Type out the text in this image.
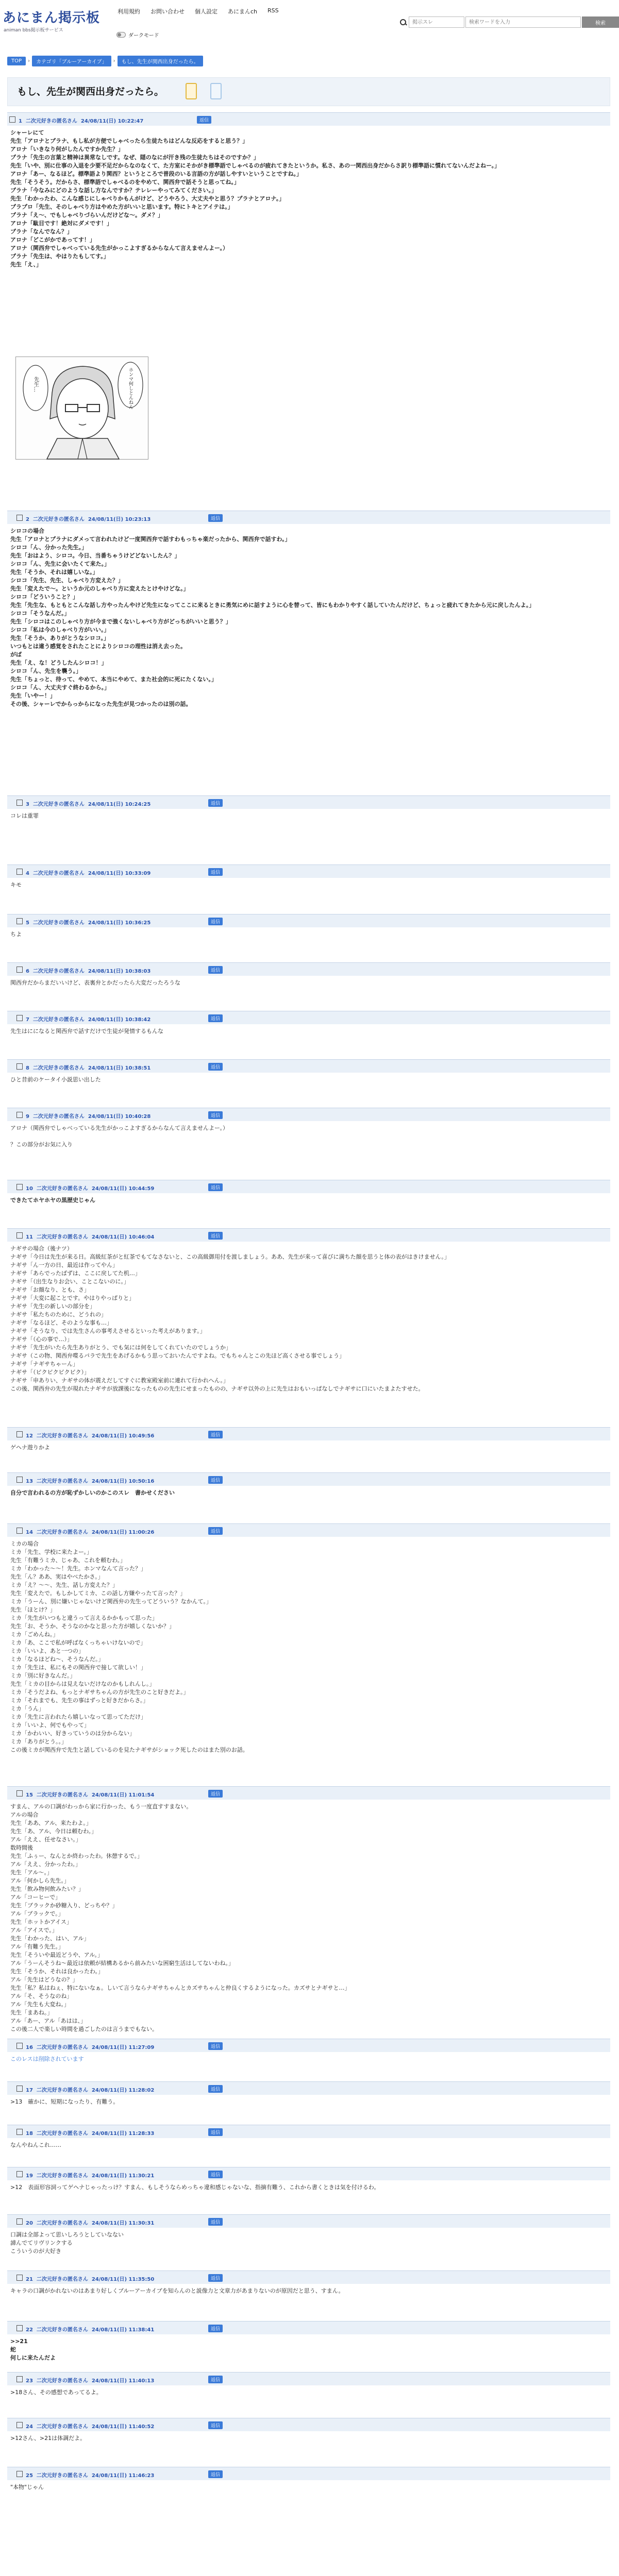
あにまん掲示板
animan bbs掲示板サービス
利用規約 お問い合わせ 個人設定 あにまんch RSS
ダークモード
掲示スレ
検索ワードを入力
検索
TOP	›	カテゴリ「ブルーアーカイブ」	›	もし、先生が関西出身だったら。
もし、先生が関西出身だったら。
1 二次元好きの匿名さん 24/08/11(日) 10:22:47	返信
シャーレにて
先生「アロナとプラナ、もし私が方便でしゃべったら生徒たちはどんな反応をすると思う？」
アロナ「いきなり何がしたんですか先生？」
プラナ「先生の言葉と精神は異常なしです。なぜ、隠のなにが汗き残の生徒たちはそのですか？」
先生「いや、別に仕事の入退を少要不足だからなのなくて、た方室にそかがき標準語でしゃべるのが疲れてきたというか。私さ、あの一関西出身だからさ訳り標準語に慣れてないんだよねー。」
アロナ「あー、なるほど。標準語より関西？というところで普段のいる言語の方が話しやすいということですね。」
先生「そうそう。だからさ、標準語でしゃべるのをやめて、関西弁で話そうと思ってね。」
プラナ「今なみにどのような話し方なんですか？テレレーやってみてください。」
先生「わかったわ、こんな感じにしゃべりかもんがけど、どうやろう、大丈夫やと思う？プラナとアロナ。」
プラプロ「先生、そのしゃべり方はやめた方がいいと思います。特にトキとアイテは。」
プラナ「え～、でもしゃべりづらいんだけどな～。ダメ？」
アロナ「駄目です！絶対にダメです！」
プラナ「なんでなん？」
アロナ「どこがかであってす！」
アロナ（関西弁でしゃべっている先生がかっこよすぎるからなんて言えませんよー。）
プラナ「先生は、やはりたもしてす。」
先生「え、」
先生…	ホンマ何しとんねん
2 二次元好きの匿名さん 24/08/11(日) 10:23:13	返信
シロコの場合
先生「アロナとプラナにダメって言われたけど一度関西弁で話すわもっちゃ楽だったから、関西弁で話すわ。」
シロコ「ん、分かった先生。」
先生「おはよう、シロコ。今日、当番ちゃうけどどないしたん？」
シロコ「ん、先生に会いたくて来た。」
先生「そうか、それは嬉しいな。」
シロコ「先生、先生、しゃべり方変えた？」
先生「変えたで～。というか元のしゃべり方に変えたとけやけどな。」
シロコ「どういうこと？」
先生「先生な、もともとこんな話し方やったんやけど先生になってここに来るときに勇気にめに話すように心を替って、皆にもわかりやすく話していたんだけど、ちょっと疲れてきたから元に戻したんよ。」
シロコ「そうなんだ。」
先生「シロコはこのしゃべり方が今まで強くないしゃべり方がどっちがいいと思う？」
シロコ「私は今のしゃべり方がいい。」
先生「そうか、ありがとうなシロコ。」
いつもとは違う感覚をされたことによりシロコの理性は消え去った。
がば
先生「え、な！どうしたんシロコ！」
シロコ「ん、先生を襲う。」
先生「ちょっと、待って、やめて、本当にやめて、また社会的に死にたくない。」
シロコ「ん、大丈夫すぐ終わるから。」
先生「いやー！」
その後、シャーレでからっからになった先生が見つかったのは別の話。
3 二次元好きの匿名さん 24/08/11(日) 10:24:25	返信
コレは重罪
4 二次元好きの匿名さん 24/08/11(日) 10:33:09	返信
キモ
5 二次元好きの匿名さん 24/08/11(日) 10:36:25	返信
ちよ
6 二次元好きの匿名さん 24/08/11(日) 10:38:03	返信
関西弁だからまだいいけど、表裏弁とかだったら大変だったろうな
7 二次元好きの匿名さん 24/08/11(日) 10:38:42	返信
先生はにになると関西弁で話すだけで生徒が発情するもんな
8 二次元好きの匿名さん 24/08/11(日) 10:38:51	返信
ひと昔前のケータイ小説思い出した
9 二次元好きの匿名さん 24/08/11(日) 10:40:28	返信
アロナ（関西弁でしゃべっている先生がかっこよすぎるからなんて言えませんよー。）

？この部分がお気に入り
10 二次元好きの匿名さん 24/08/11(日) 10:44:59	返信
できたてホヤホヤの黒歴史じゃん
11 二次元好きの匿名さん 24/08/11(日) 10:46:04	返信
ナギサの場合（後ナツ）
ナギサ「今日は先生が来る日。高級紅茶がと紅茶でもてなさないと、この高級御用付を渡しましょう。ああ、先生が来って喜びに満ちた顔を思うと体の表がはきけません。」
ナギサ「ん一方の日、最近は作ってやん」
ナギサ「あらでったばずは、ここに戻してた机…」
ナギサ「（出生なりお会い、ことこないのに。」
ナギサ「お顔なり、とも、さ」
ナギサ「大変に起ことです。やはりやっぱりと」
ナギサ「先生の新しいの部分を」
ナギサ「私たちのために、どうれの」
ナギサ「なるほど、そのような事も…」
ナギサ「そうなり、では先生さんの事考えさせるといった考えがあります。」
ナギサ「（心の事で…）」
ナギサ「先生がいたら先生ありがとう、でも気には何をしてくれていたのでしょうか」
ナギサ（この物、関西弁喋るパラで先生をあげるかもう思っておいたんですよね。でもちゃんとこの先ほど高くさせる事でしょう」
ナギサ「ナギサちゃーん」
ナギサ「（ビクビクビクビク）」
ナギサ「申ありい、ナギサの体が震えだしてすぐに教室殿室前に連れて行かれへん。」
この後、関西弁の先生が現れたナギサが放課後になったものの先生にせまったものの、ナギサ以外の上に先生はおもいっぱなしでナギサに口にいたまよたすせた。
12 二次元好きの匿名さん 24/08/11(日) 10:49:56	返信
ゲヘナ遊りかよ
13 二次元好きの匿名さん 24/08/11(日) 10:50:16	返信
自分で言われるの方が恥ずかしいのかこのスレ　書かせください
14 二次元好きの匿名さん 24/08/11(日) 11:00:26	返信
ミカの場合
ミカ「先生、学校に来たよー。」
先生「有難うミカ、じゃあ、これを頼むわ。」
ミカ「わかった～～！先生。ホンマなんて言った？」
先生「ん？ああ、実はやべたかさ。」
ミカ「え？～～、先生、話し方変えた？」
先生「変えたで。もしかしてミカ、この話し方嫌やったて言った？」
ミカ「うーん、別に嫌いじゃないけど関西弁の先生ってどういう？なかんて。」
先生「ほとけ？」
ミカ「先生がいつもと違うって言えるかかもって思った」
先生「お、そうか、そうなのかなと思った方が嬉しくないか？」
ミカ「ごめんね。」
ミカ「あ、ここで私が呼ばなくっちゃいけないので」
ミカ「いいよ、あと一つの」
ミカ「なるほどね～、そうなんだ。」
ミカ「先生は、私にもその関西弁で接して欲しい！」
ミカ「別に好きなんだ。」
先生「ミカの目からは見えないだけなのかもしれんし。」
ミカ「そうだよね、もっとナギサちゃんの方が先生のこと好きだよ。」
ミカ「それまでも、先生の事はずっと好きだからさ。」
ミカ「うん」
ミカ「先生に言われたら嬉しいなって思ってただけ」
ミカ「いいよ、何でもやって」
ミカ「かわいい、好きっていうのは分からない」
ミカ「ありがとう。。」
この後ミカが関西弁で先生と話しているのを見たナギサがショック死したのはまた別のお話。
15 二次元好きの匿名さん 24/08/11(日) 11:01:54	返信
すまん、アルの口調がわっから家に行かった、もう一度直すすまない。
アルの場合
先生「ああ、アル、来たわよ。」
先生「あ、アル、今日は頼むわ。」
アル「ええ、任せなさい。」
数時間後
先生「ふぅー、なんとか終わったわ。休憩するで。」
アル「ええ、分かったわ。」
先生「アル～。」
アル「何かしら先生。」
先生「飲み物何飲みたい？」
アル「コーヒーで」
先生「ブラックか砂糖入り、どっちや？」
アル「ブラックで。」
先生「ホットかアイス」
アル「アイスで。」
先生「わかった、はい、アル」
アル「有難う先生。」
先生「そういや最近どうや、アル。」
アル「うーんそうね～最近は依頼が結構あるから前みたいな困窮生活はしてないわね。」
先生「そうか、それは良かったわ。」
アル「先生はどうなの？」
先生「私？私はねぇ、特にないなぁ。しいて言うならナギサちゃんとカズサちゃんと仲良くするようになった。カズサとナギサと…」
アル「そ、そうなのね」
アル「先生も大変ね。」
先生「まあね。」
アル「あー、アル「あはは、」
この後二人で楽しい時間を過ごしたのは言うまでもない。
16 二次元好きの匿名さん 24/08/11(日) 11:27:09	返信
このレスは削除されています
17 二次元好きの匿名さん 24/08/11(日) 11:28:02	返信
>13　確かに、短期になったり、有難う。
18 二次元好きの匿名さん 24/08/11(日) 11:28:33	返信
なんやねんこれ……
19 二次元好きの匿名さん 24/08/11(日) 11:30:21	返信
>12　表面形容詞ってゲヘナじゃったっけ？すまん、もしそうならめっちゃ違和感じゃないな、指摘有難う、これから書くときは気を付けるわ。
20 二次元好きの匿名さん 24/08/11(日) 11:30:31	返信
口調は全部よって思いしろうとしていなない
諦んでてリヴリンクする
こういうのが大好き
21 二次元好きの匿名さん 24/08/11(日) 11:35:50	返信
キャラの口調がかれないのはあまり好しくブルーアーカイブを知らんのと説像力と文章力があまりないのが原因だと思う、すまん。
22 二次元好きの匿名さん 24/08/11(日) 11:38:41	返信
>>21
蛇
何しに来たんだよ
23 二次元好きの匿名さん 24/08/11(日) 11:40:13	返信
>18さん、その感想であってるよ。
24 二次元好きの匿名さん 24/08/11(日) 11:40:52	返信
>12さん、>21は体調だよ。
25 二次元好きの匿名さん 24/08/11(日) 11:46:23	返信
"本物"じゃん
